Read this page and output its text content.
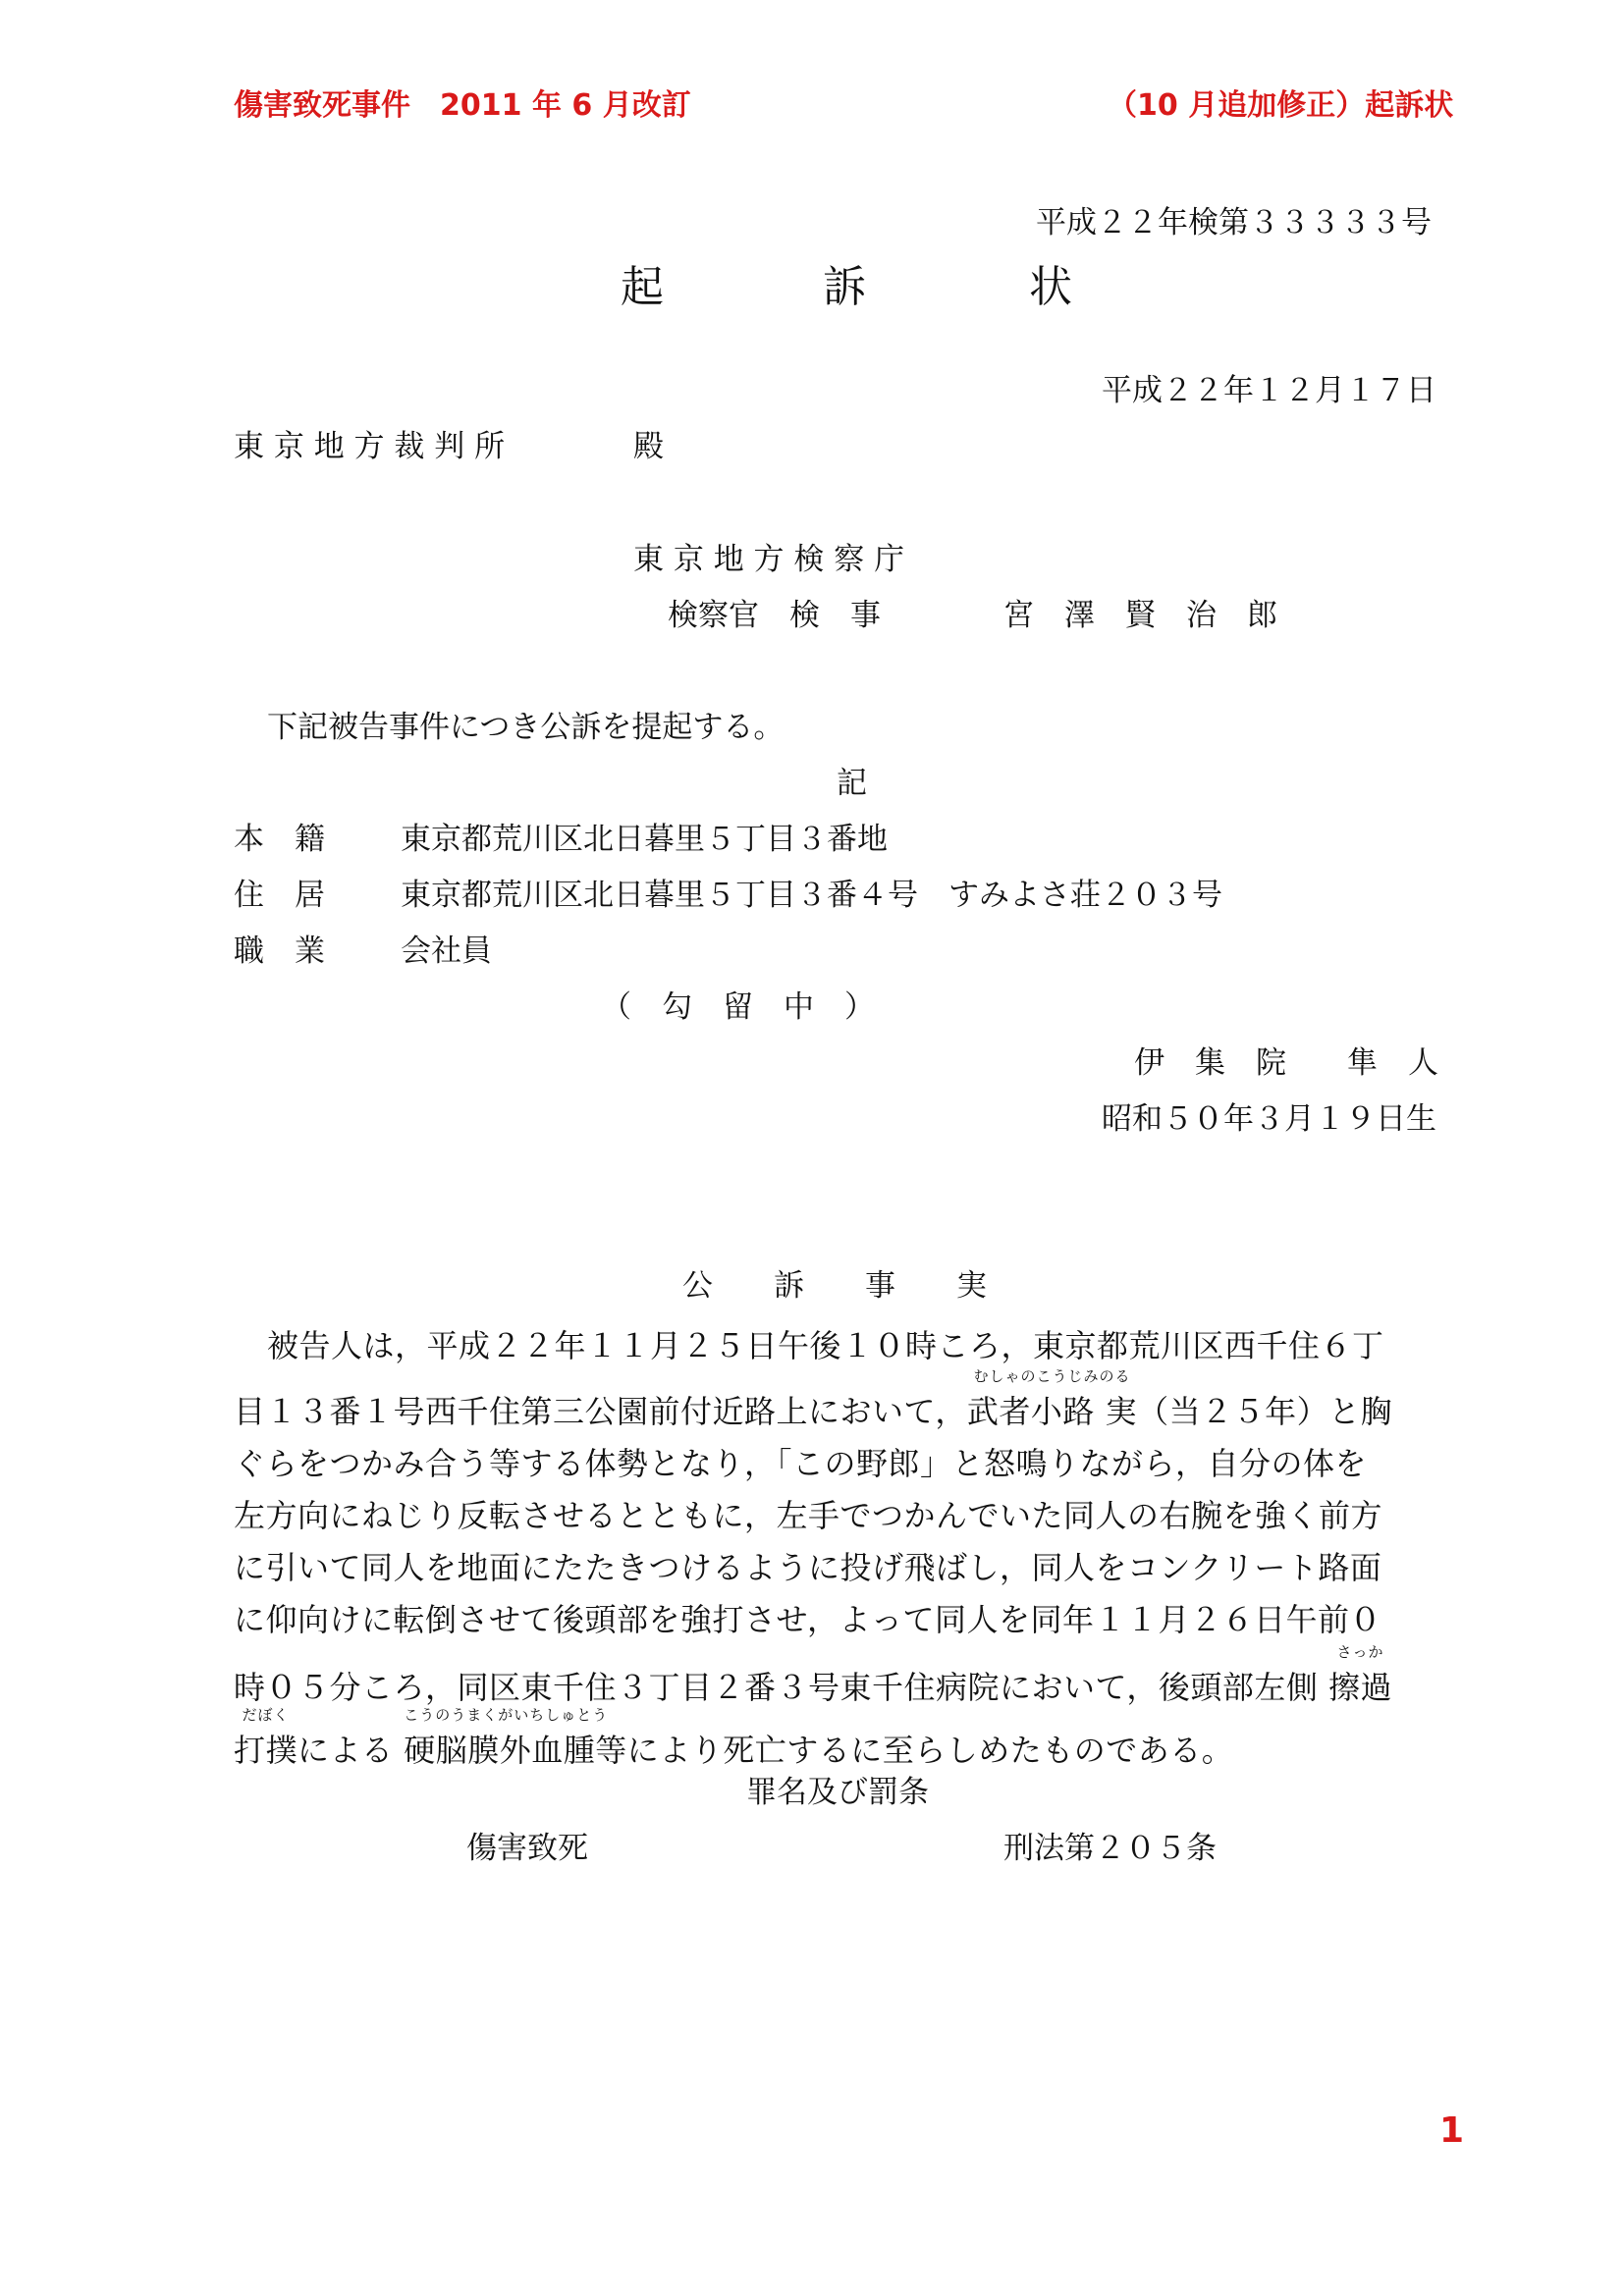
傷害致死事件　2011 年 6 月改訂	（10 月追加修正）起訴状
平成２２年検第３３３３３号
起	訴	状
平成２２年１２月１７日
東 京 地 方 裁 判 所	殿
東 京 地 方 検 察 庁
検察官　検　事	宮　澤　賢　治　郎
下記被告事件につき公訴を提起する。
記
本　籍 東京都荒川区北日暮里５丁目３番地
住　居 東京都荒川区北日暮里５丁目３番４号　すみよさ荘２０３号
職　業 会社員
（　勾　留　中　）
伊　集　院　　隼　人
昭和５０年３月１９日生
公　　訴　　事　　実
被告人は，平成２２年１１月２５日午後１０時ころ，東京都荒川区西千住６丁
目１３番１号西千住第三公園前付近路上において，
むしゃのこうじみのる
武者小路 実（当２５年）と胸
ぐらをつかみ合う等する体勢となり，「この野郎」と怒鳴りながら，自分の体を
左方向にねじり反転させるとともに，左手でつかんでいた同人の右腕を強く前方
に引いて同人を地面にたたきつけるように投げ飛ばし，同人をコンクリート路面
に仰向けに転倒させて後頭部を強打させ，よって同人を同年１１月２６日午前０
時０５分ころ，同区東千住３丁目２番３号東千住病院において，後頭部左側
さっか
擦過
だぼく
打撲による
こうのうまくがいちしゅとう
硬脳膜外血腫等により死亡するに至らしめたものである。
罪名及び罰条
傷害致死	刑法第２０５条
1
